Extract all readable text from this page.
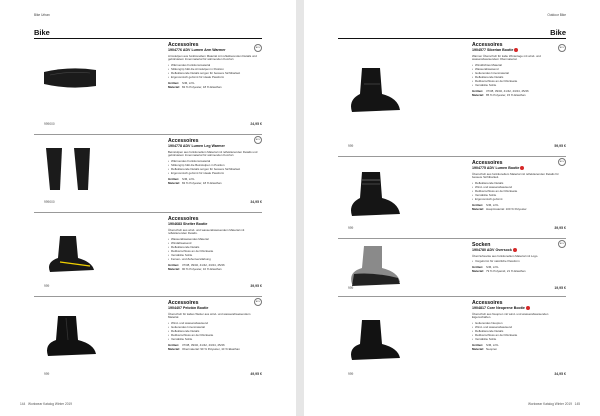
Bike Urban
Bike
999000	24,95 €
Accessoires
1904776 ADV Lumen Arm Warmer
Armstulpen aus funktionellem Material mit reflektierenden Details und gebürstetem Innenmaterial für wärmenden Komfort.
• Wärmendes Funktionsmaterial
• Silikongrip hält die Armstulpen in Position
• Reflektierende Details sorgen für bessere Sichtbarkeit
• Ergonomisch geformt für ideale Passform
Größen: S/M, L/XL
Material: 82 % Polyester, 18 % Elasthan
ADV
999000	34,95 €
Accessoires
1904778 ADV Lumen Leg Warmer
Beinstulpen aus funktionellem Material mit reflektierenden Details und gebürstetem Innenmaterial für wärmenden Komfort.
• Wärmendes Funktionsmaterial
• Silikongrip hält die Beinstulpen in Position
• Reflektierende Details sorgen für bessere Sichtbarkeit
• Ergonomisch geformt für ideale Passform
Größen: S/M, L/XL
Material: 82 % Polyester, 18 % Elasthan
ADV
999	39,95 €
Accessoires
1904683 Shelter Bootie
Überschuh aus wind- und wasserabweisendem Material mit reflektierenden Details.
• Wasserabweisendes Material
• Windabweisend
• Reflektierende Details
• Reißverschluss an der Rückseite
• Verstärkte Sohle
• Fersen- und Zehenverstärkung
Größen: 37/38, 39/40, 41/42, 43/44, 45/46
Material: 90 % Polyester, 10 % Elasthan
999	49,95 €
Accessoires
1904407 Pelotón Bootie
Überschuh für kaltes Wetter aus wind- und wasserabweisendem Material.
• Wind- und wasserabweisend
• Isolierendes Innenmaterial
• Reflektierende Details
• Reißverschluss an der Rückseite
• Verstärkte Sohle
Größen: 37/38, 39/40, 41/42, 43/44, 45/46
Material: Obermaterial: 90 % Polyester, 10 % Elasthan
ADV
144 Workwear Katalog Winter 2019
Outdoor Bike
Bike
999	59,95 €
Accessoires
1904577 Siberian Bootie
Warmer Überschuh für kalte Wintertage mit wind- und wasserabweisendem Obermaterial.
• Winddichtes Material
• Wasserabweisend
• Isolierendes Innenmaterial
• Reflektierende Details
• Reißverschluss an der Rückseite
• Verstärkte Sohle
Größen: 37/38, 39/40, 41/42, 43/44, 45/46
Material: 85 % Polyester, 15 % Elasthan
ADV
999	39,95 €
Accessoires
1904775 ADV Lumen Bootie
Überschuh aus funktionellem Material mit reflektierenden Details für bessere Sichtbarkeit.
• Reflektierende Details
• Wind- und wasserabweisend
• Reißverschluss an der Rückseite
• Verstärkte Sohle
• Ergonomisch geformt
Größen: S/M, L/XL
Material: Hauptmaterial: 100 % Polyester
ADV
999	19,95 €
Socken
1904780 ADV Oversock
Überziehsocke aus funktionellem Material mit Logo.
• Vorgeformt für natürliche Passform
Größen: S/M, L/XL
Material: 79 % Polyamid, 21 % Elasthan
ADV
999	34,95 €
Accessoires
1904817 Core Neoprene Bootie
Überschuh aus Neopren mit wind- und wasserabweisenden Eigenschaften.
• Isolierendes Neopren
• Wind- und wasserabweisend
• Reflektierende Details
• Reißverschluss an der Rückseite
• Verstärkte Sohle
Größen: S/M, L/XL
Material: Neopren
Workwear Katalog Winter 2019 145
